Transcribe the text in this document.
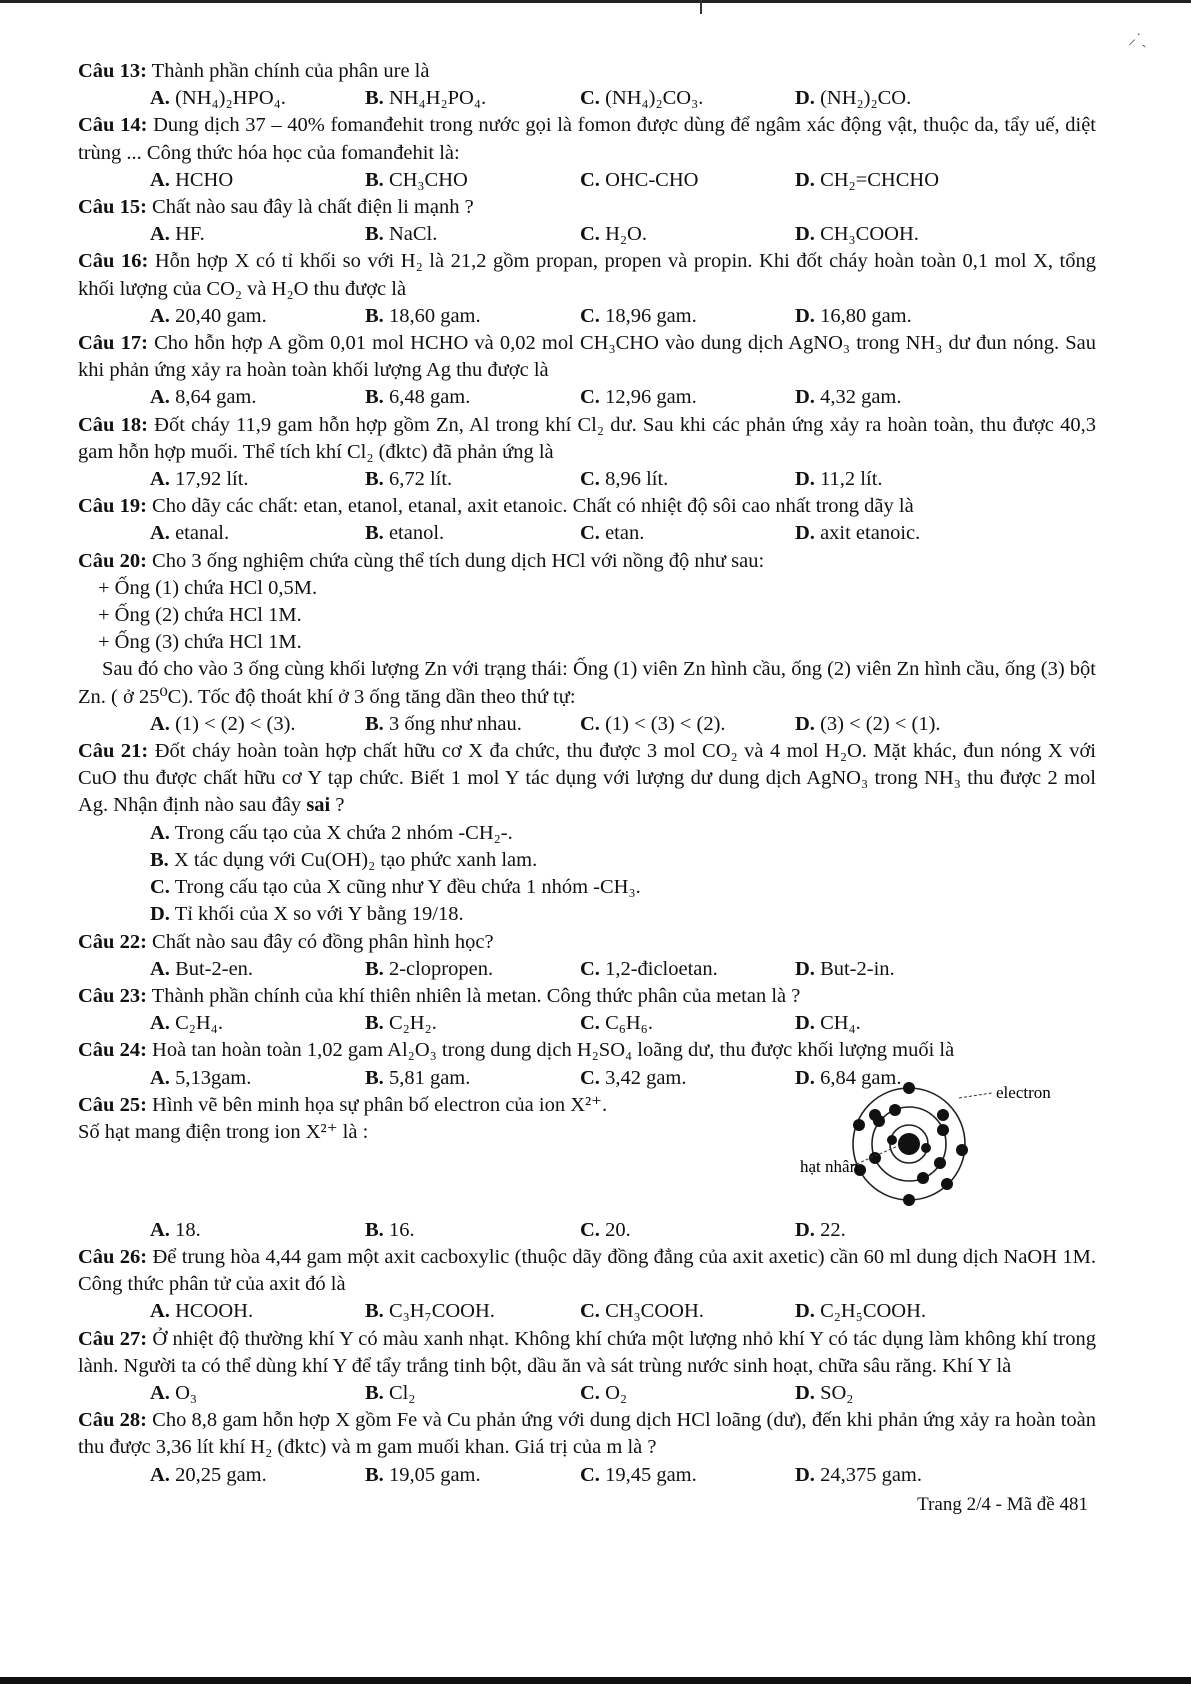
⸝˙ˎ
Câu 13: Thành phần chính của phân ure là
A. (NH₄)₂HPO₄.	B. NH₄H₂PO₄.	C. (NH₄)₂CO₃.	D. (NH₂)₂CO.
Câu 14: Dung dịch 37 – 40% fomanđehit trong nước gọi là fomon được dùng để ngâm xác động vật, thuộc da, tẩy uế, diệt trùng ... Công thức hóa học của fomanđehit là:
A. HCHO	B. CH₃CHO	C. OHC-CHO	D. CH₂=CHCHO
Câu 15: Chất nào sau đây là chất điện li mạnh ?
A. HF.	B. NaCl.	C. H₂O.	D. CH₃COOH.
Câu 16: Hỗn hợp X có tỉ khối so với H₂ là 21,2 gồm propan, propen và propin. Khi đốt cháy hoàn toàn 0,1 mol X, tổng khối lượng của CO₂ và H₂O thu được là
A. 20,40 gam.	B. 18,60 gam.	C. 18,96 gam.	D. 16,80 gam.
Câu 17: Cho hỗn hợp A gồm 0,01 mol HCHO và 0,02 mol CH₃CHO vào dung dịch AgNO₃ trong NH₃ dư đun nóng. Sau khi phản ứng xảy ra hoàn toàn khối lượng Ag thu được là
A. 8,64 gam.	B. 6,48 gam.	C. 12,96 gam.	D. 4,32 gam.
Câu 18: Đốt cháy 11,9 gam hỗn hợp gồm Zn, Al trong khí Cl₂ dư. Sau khi các phản ứng xảy ra hoàn toàn, thu được 40,3 gam hỗn hợp muối. Thể tích khí Cl₂ (đktc) đã phản ứng là
A. 17,92 lít.	B. 6,72 lít.	C. 8,96 lít.	D. 11,2 lít.
Câu 19: Cho dãy các chất: etan, etanol, etanal, axit etanoic. Chất có nhiệt độ sôi cao nhất trong dãy là
A. etanal.	B. etanol.	C. etan.	D. axit etanoic.
Câu 20: Cho 3 ống nghiệm chứa cùng thể tích dung dịch HCl với nồng độ như sau:
+ Ống (1) chứa HCl 0,5M.
+ Ống (2) chứa HCl 1M.
+ Ống (3) chứa HCl 1M.
Sau đó cho vào 3 ống cùng khối lượng Zn với trạng thái: Ống (1) viên Zn hình cầu, ống (2) viên Zn hình cầu, ống (3) bột Zn. ( ở 25⁰C). Tốc độ thoát khí ở 3 ống tăng dần theo thứ tự:
A. (1) < (2) < (3).	B. 3 ống như nhau.	C. (1) < (3) < (2).	D. (3) < (2) < (1).
Câu 21: Đốt cháy hoàn toàn hợp chất hữu cơ X đa chức, thu được 3 mol CO₂ và 4 mol H₂O. Mặt khác, đun nóng X với CuO thu được chất hữu cơ Y tạp chức. Biết 1 mol Y tác dụng với lượng dư dung dịch AgNO₃ trong NH₃ thu được 2 mol Ag. Nhận định nào sau đây sai ?
A. Trong cấu tạo của X chứa 2 nhóm -CH₂-.
B. X tác dụng với Cu(OH)₂ tạo phức xanh lam.
C. Trong cấu tạo của X cũng như Y đều chứa 1 nhóm -CH₃.
D. Tỉ khối của X so với Y bằng 19/18.
Câu 22: Chất nào sau đây có đồng phân hình học?
A. But-2-en.	B. 2-clopropen.	C. 1,2-đicloetan.	D. But-2-in.
Câu 23: Thành phần chính của khí thiên nhiên là metan. Công thức phân của metan là ?
A. C₂H₄.	B. C₂H₂.	C. C₆H₆.	D. CH₄.
Câu 24: Hoà tan hoàn toàn 1,02 gam Al₂O₃ trong dung dịch H₂SO₄ loãng dư, thu được khối lượng muối là
A. 5,13gam.	B. 5,81 gam.	C. 3,42 gam.	D. 6,84 gam.
Câu 25: Hình vẽ bên minh họa sự phân bố electron của ion X²⁺.
Số hạt mang điện trong ion X²⁺ là :
electron
hạt nhân
A. 18.	B. 16.	C. 20.	D. 22.
Câu 26: Để trung hòa 4,44 gam một axit cacboxylic (thuộc dãy đồng đẳng của axit axetic) cần 60 ml dung dịch NaOH 1M. Công thức phân tử của axit đó là
A. HCOOH.	B. C₃H₇COOH.	C. CH₃COOH.	D. C₂H₅COOH.
Câu 27: Ở nhiệt độ thường khí Y có màu xanh nhạt. Không khí chứa một lượng nhỏ khí Y có tác dụng làm không khí trong lành. Người ta có thể dùng khí Y để tẩy trắng tinh bột, dầu ăn và sát trùng nước sinh hoạt, chữa sâu răng. Khí Y là
A. O₃	B. Cl₂	C. O₂	D. SO₂
Câu 28: Cho 8,8 gam hỗn hợp X gồm Fe và Cu phản ứng với dung dịch HCl loãng (dư), đến khi phản ứng xảy ra hoàn toàn thu được 3,36 lít khí H₂ (đktc) và m gam muối khan. Giá trị của m là ?
A. 20,25 gam.	B. 19,05 gam.	C. 19,45 gam.	D. 24,375 gam.
Trang 2/4 - Mã đề 481
